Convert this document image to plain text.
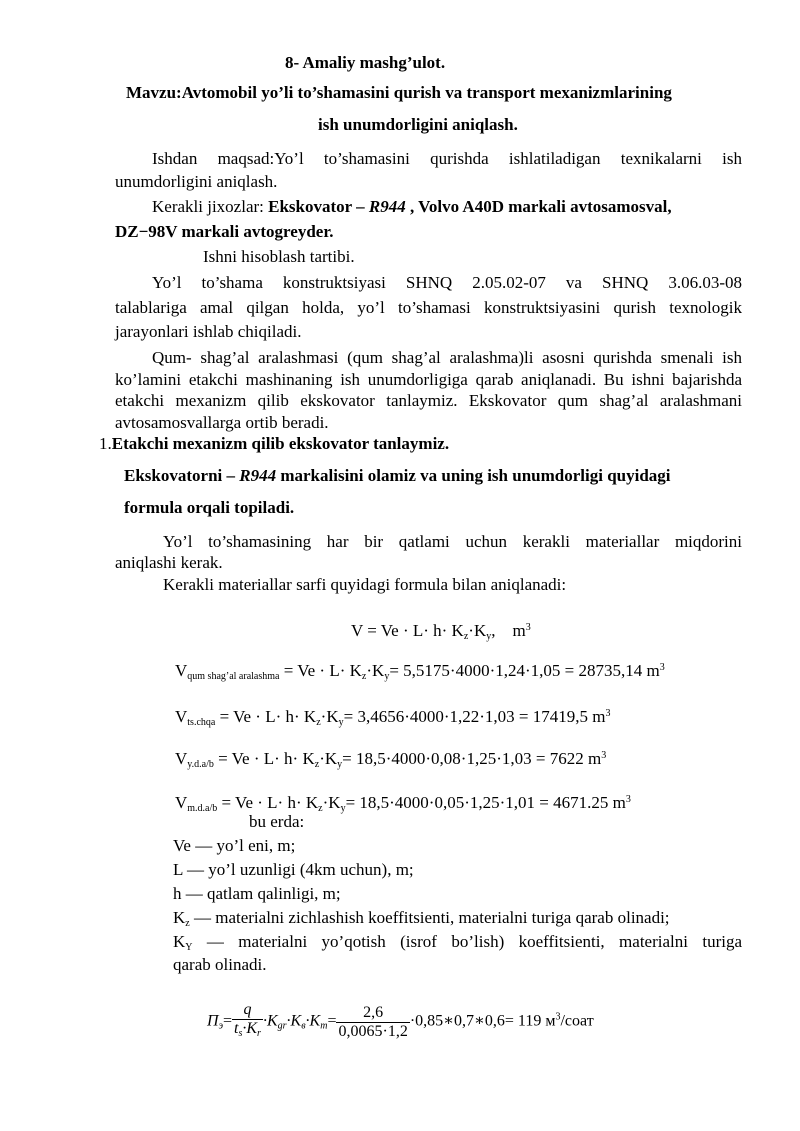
8- Amaliy mashg’ulot.
Mavzu:Avtomobil yo’li to’shamasini qurish va transport mexanizmlarining
ish unumdorligini aniqlash.
Ishdan maqsad:Yo’l to’shamasini qurishda ishlatiladigan texnikalarni ish
unumdorligini aniqlash.
Kerakli jixozlar: Ekskovator – R944 , Volvo A40D markali avtosamosval,
DZ−98V markali avtogreyder.
Ishni hisoblash tartibi.
Yo’l to’shama konstruktsiyasi SHNQ 2.05.02-07 va SHNQ 3.06.03-08
talablariga amal qilgan holda, yo’l to’shamasi konstruktsiyasini qurish texnologik
jarayonlari ishlab chiqiladi.
Qum- shag’al aralashmasi (qum shag’al aralashma)li asosni qurishda smenali ish ko’lamini etakchi mashinaning ish unumdorligiga qarab aniqlanadi. Bu ishni bajarishda etakchi mexanizm qilib ekskovator tanlaymiz. Ekskovator qum shag’al aralashmani avtosamosvallarga ortib beradi.
1.Etakchi mexanizm qilib ekskovator tanlaymiz.
Ekskovatorni – R944 markalisini olamiz va uning ish unumdorligi quyidagi
formula orqali topiladi.
Yo’l to’shamasining har bir qatlami uchun kerakli materiallar miqdorini
aniqlashi kerak.
Kerakli materiallar sarfi quyidagi formula bilan aniqlanadi:
$V = Ve \cdot L\cdot h\cdot K_z\cdot K_y$, $m^3$
$V_{qum shag’al aralashma} = Ve \cdot L\cdot K_z\cdot K_y= 5,5175\cdot 4000\cdot 1,24\cdot 1,05 = 28735,14$ $m^3$
$V_{ts.chqa} = Ve \cdot L\cdot h\cdot K_z\cdot K_y= 3,4656\cdot 4000\cdot 1,22\cdot 1,03 = 17419,5$ $m^3$
$V_{y.d.a/b} = Ve \cdot L\cdot h\cdot K_z\cdot K_y= 18,5\cdot 4000\cdot 0,08\cdot 1,25\cdot 1,03 = 7622$ $m^3$
$V_{m.d.a/b} = Ve \cdot L\cdot h\cdot K_z\cdot K_y= 18,5\cdot 4000\cdot 0,05\cdot 1,25\cdot 1,01 = 4671.25$ $m^3$
bu erda:
Ve — yo’l eni, m;
L — yo’l uzunligi (4km uchun), m;
h — qatlam qalinligi, m;
$K_z$ — materialni zichlashish koeffitsienti, materialni turiga qarab olinadi;
$K_Y$ — materialni yo’qotish (isrof bo’lish) koeffitsienti, materialni turiga
qarab olinadi.
$П_э= \frac{q}{t_s\cdot K_r} \cdot K_{gr}\cdot K_в\cdot K_m= \frac{2,6}{0,0065\cdot 1,2}$ ·0,85∗0,7∗0,6= 119 $м^3$/соат
